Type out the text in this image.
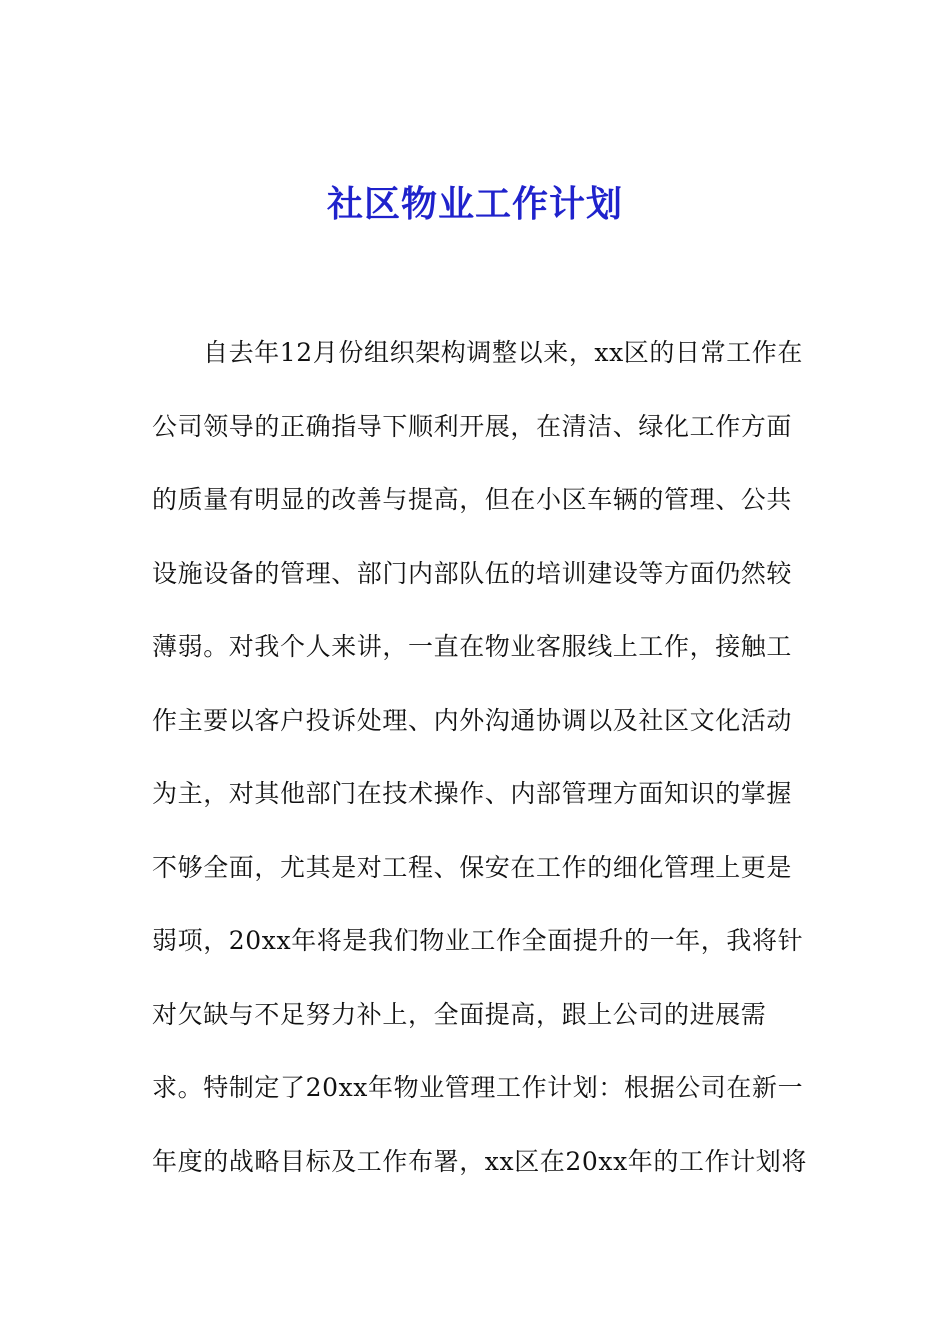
社区物业工作计划
自去年12月份组织架构调整以来，xx区的日常工作在
公司领导的正确指导下顺利开展，在清洁、绿化工作方面
的质量有明显的改善与提高，但在小区车辆的管理、公共
设施设备的管理、部门内部队伍的培训建设等方面仍然较
薄弱。对我个人来讲，一直在物业客服线上工作，接触工
作主要以客户投诉处理、内外沟通协调以及社区文化活动
为主，对其他部门在技术操作、内部管理方面知识的掌握
不够全面，尤其是对工程、保安在工作的细化管理上更是
弱项，20xx年将是我们物业工作全面提升的一年，我将针
对欠缺与不足努力补上，全面提高，跟上公司的进展需
求。特制定了20xx年物业管理工作计划：根据公司在新一
年度的战略目标及工作布署，xx区在20xx年的工作计划将
